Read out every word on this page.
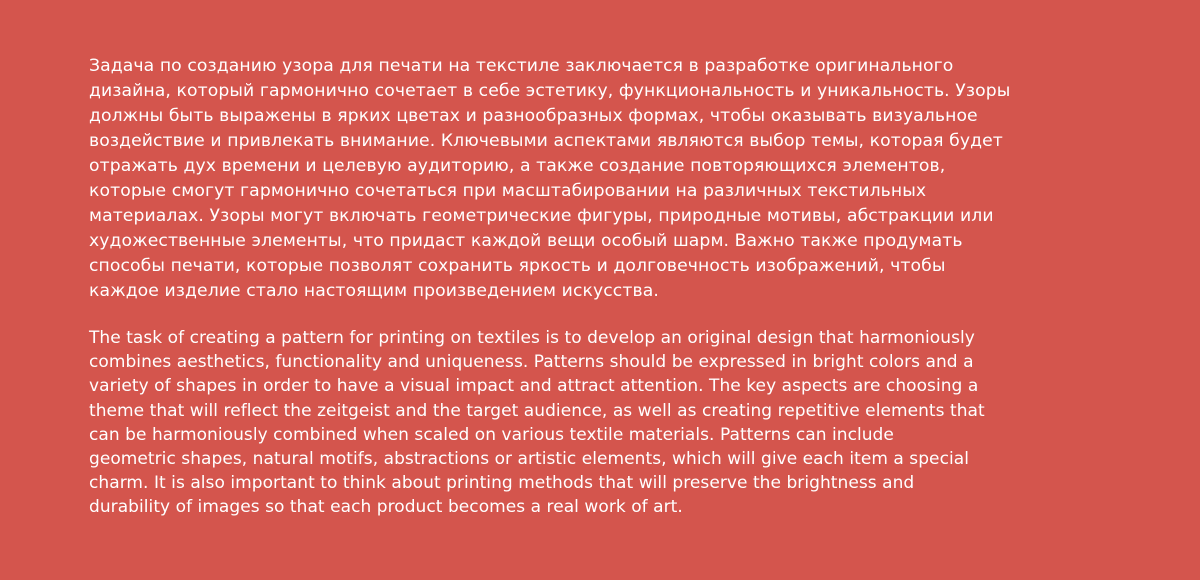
Задача по созданию узора для печати на текстиле заключается в разработке оригинального
дизайна, который гармонично сочетает в себе эстетику, функциональность и уникальность. Узоры
должны быть выражены в ярких цветах и разнообразных формах, чтобы оказывать визуальное
воздействие и привлекать внимание. Ключевыми аспектами являются выбор темы, которая будет
отражать дух времени и целевую аудиторию, а также создание повторяющихся элементов,
которые смогут гармонично сочетаться при масштабировании на различных текстильных
материалах. Узоры могут включать геометрические фигуры, природные мотивы, абстракции или
художественные элементы, что придаст каждой вещи особый шарм. Важно также продумать
способы печати, которые позволят сохранить яркость и долговечность изображений, чтобы
каждое изделие стало настоящим произведением искусства.

The task of creating a pattern for printing on textiles is to develop an original design that harmoniously
combines aesthetics, functionality and uniqueness. Patterns should be expressed in bright colors and a
variety of shapes in order to have a visual impact and attract attention. The key aspects are choosing a
theme that will reflect the zeitgeist and the target audience, as well as creating repetitive elements that
can be harmoniously combined when scaled on various textile materials. Patterns can include
geometric shapes, natural motifs, abstractions or artistic elements, which will give each item a special
charm. It is also important to think about printing methods that will preserve the brightness and
durability of images so that each product becomes a real work of art.
